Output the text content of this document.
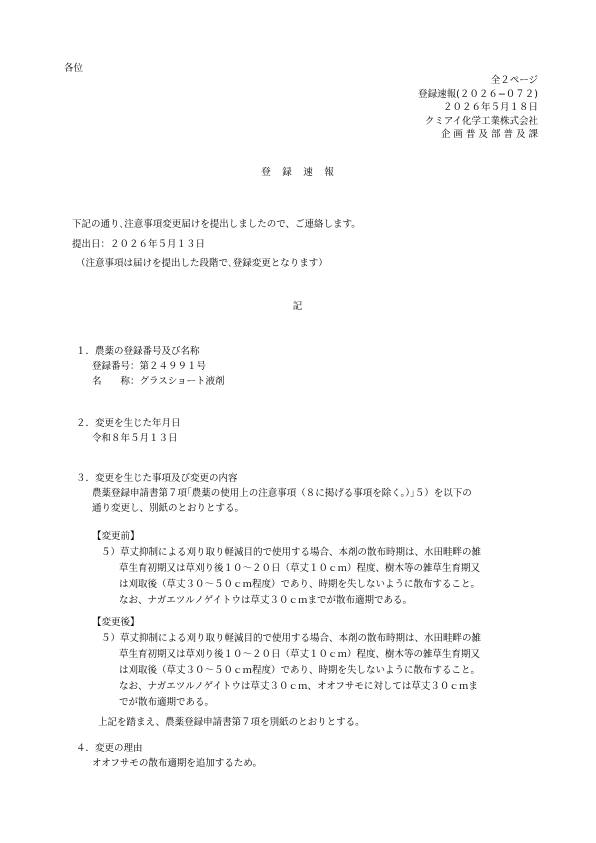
各位
全２ページ
登録速報(２０２６−０７２)
２０２６年５月１８日
クミアイ化学工業株式会社
企 画 普 及 部 普 及 課
登　録　速　報
下記の通り､注意事項変更届けを提出しましたので、ご連絡します。
提出日：２０２６年５月１３日
（注意事項は届けを提出した段階で､登録変更となります）
記
１．農薬の登録番号及び名称
登録番号：第２４９９１号
名　　称：グラスショート液剤
２．変更を生じた年月日
令和８年５月１３日
３．変更を生じた事項及び変更の内容
農薬登録申請書第７項｢農薬の使用上の注意事項（８に掲げる事項を除く。）｣５）を以下の
通り変更し、別紙のとおりとする。
【変更前】
５）草丈抑制による刈り取り軽減目的で使用する場合、本剤の散布時期は、水田畦畔の雑
草生育初期又は草刈り後１０～２０日（草丈１０ｃｍ）程度、樹木等の雑草生育期又
は刈取後（草丈３０～５０ｃｍ程度）であり、時期を失しないように散布すること。
なお、ナガエツルノゲイトウは草丈３０ｃｍまでが散布適期である。
【変更後】
５）草丈抑制による刈り取り軽減目的で使用する場合、本剤の散布時期は、水田畦畔の雑
草生育初期又は草刈り後１０～２０日（草丈１０ｃｍ）程度、樹木等の雑草生育期又
は刈取後（草丈３０～５０ｃｍ程度）であり、時期を失しないように散布すること。
なお、ナガエツルノゲイトウは草丈３０ｃｍ、オオフサモに対しては草丈３０ｃｍま
でが散布適期である。
上記を踏まえ、農薬登録申請書第７項を別紙のとおりとする。
４．変更の理由
オオフサモの散布適期を追加するため。
